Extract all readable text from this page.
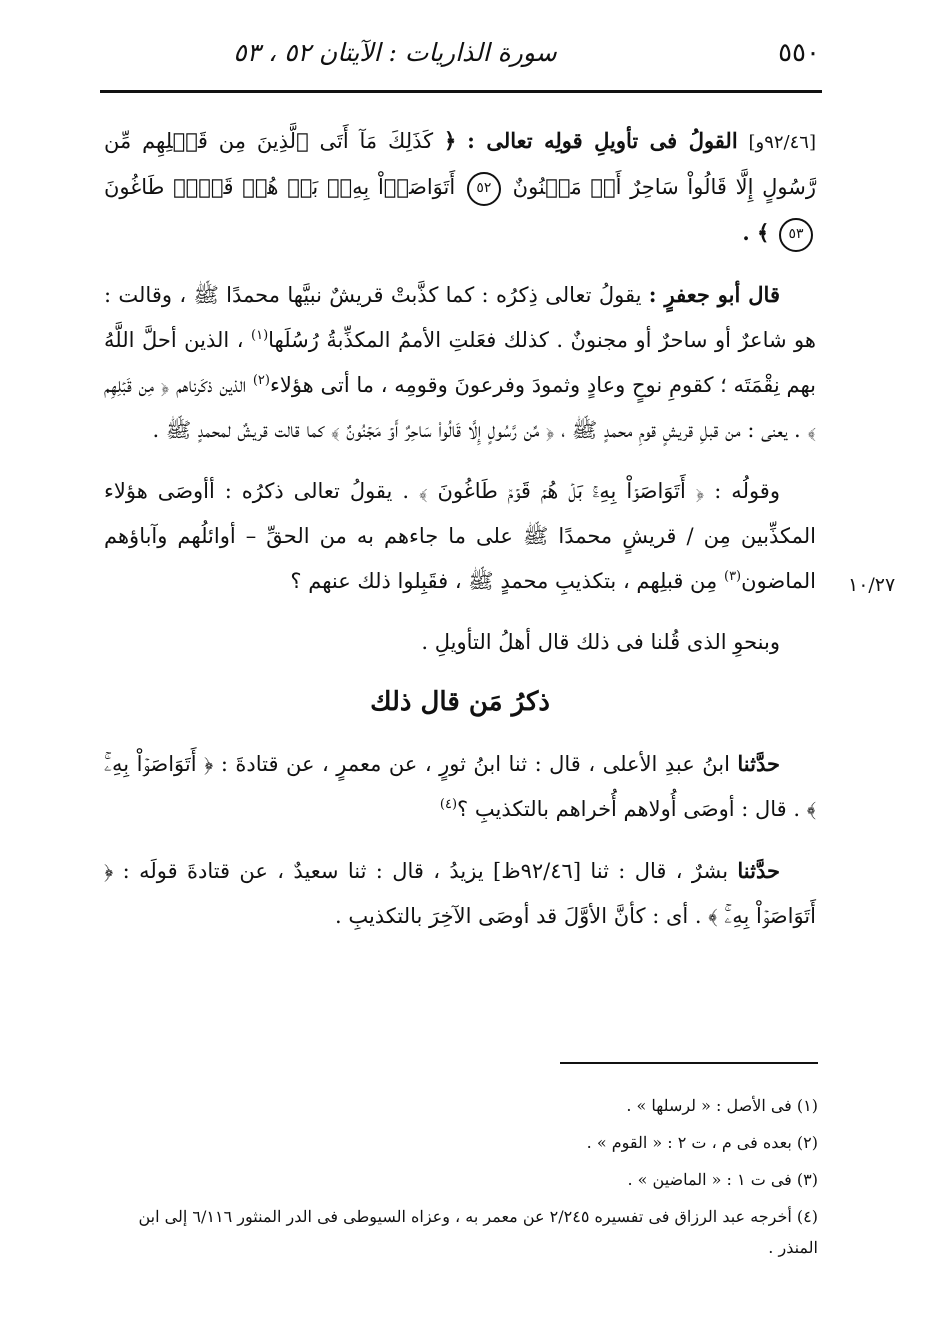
٥٥٠
سورة الذاريات : الآيتان ٥٢ ، ٥٣
١٠/٢٧

[٩٢/٤٦و] القولُ فى تأويلِ قولِه تعالى : ﴿ كَذَلِكَ مَآ أَتَى ٱلَّذِينَ مِن قَبۡلِهِم مِّن رَّسُولٍ إِلَّا قَالُواْ سَاحِرٌ أَوۡ مَجۡنُونٌ ٥٢ أَتَوَاصَوۡاْ بِهِۦۚ بَلۡ هُمۡ قَوۡمٞ طَاغُونَ ٥٣ ﴾ .

قال أبو جعفرٍ : يقولُ تعالى ذِكرُه : كما كذَّبتْ قريشٌ نبيَّها محمدًا ﷺ ، وقالت : هو شاعرٌ أو ساحرٌ أو مجنونٌ . كذلك فعَلتِ الأممُ المكذِّبةُ رُسُلَها$^{(١)}$ ، الذين أحلَّ اللَّهُ بهم نِقْمَتَه ؛ كقومِ نوحٍ وعادٍ وثمودَ وفرعونَ وقومِه ، ما أتى هؤلاء$^{(٢)}$ الذين ذكَرناهم ﴿ مِن قَبۡلِهِم ﴾ . يعنى : من قبلِ قريشٍ قومِ محمدٍ ﷺ ، ﴿ مِّن رَّسُولٍ إِلَّا قَالُواْ سَاحِرٌ أَوۡ مَجۡنُونٌ ﴾ كما قالت قريشٌ لمحمدٍ ﷺ .

وقولُه : ﴿ أَتَوَاصَوۡاْ بِهِۦۚ بَلۡ هُمۡ قَوۡمٞ طَاغُونَ ﴾ . يقولُ تعالى ذكرُه : أأوصَى هؤلاء المكذِّبين مِن / قريشٍ محمدًا ﷺ على ما جاءهم به من الحقِّ – أوائلُهم وآباؤهم الماضون$^{(٣)}$ مِن قبلِهم ، بتكذيبِ محمدٍ ﷺ ، فقَبِلوا ذلك عنهم ؟

وبنحوِ الذى قُلنا فى ذلك قال أهلُ التأويلِ .

ذكرُ مَن قال ذلك

حدَّثنا ابنُ عبدِ الأعلى ، قال : ثنا ابنُ ثورٍ ، عن معمرٍ ، عن قتادةَ : ﴿ أَتَوَاصَوۡاْ بِهِۦۚ ﴾ . قال : أوصَى أُولاهم أُخراهم بالتكذيبِ ؟$^{(٤)}$

حدَّثنا بشرٌ ، قال : ثنا [٩٢/٤٦ظ] يزيدُ ، قال : ثنا سعيدٌ ، عن قتادةَ قولَه : ﴿ أَتَوَاصَوۡاْ بِهِۦۚ ﴾ . أى : كأنَّ الأوَّلَ قد أوصَى الآخِرَ بالتكذيبِ .

(١) فى الأصل : « لرسلها » .

(٢) بعده فى م ، ت ٢ : « القوم » .

(٣) فى ت ١ : « الماضين » .

(٤) أخرجه عبد الرزاق فى تفسيره ٢/٢٤٥ عن معمر به ، وعزاه السيوطى فى الدر المنثور ٦/١١٦ إلى ابن المنذر .
